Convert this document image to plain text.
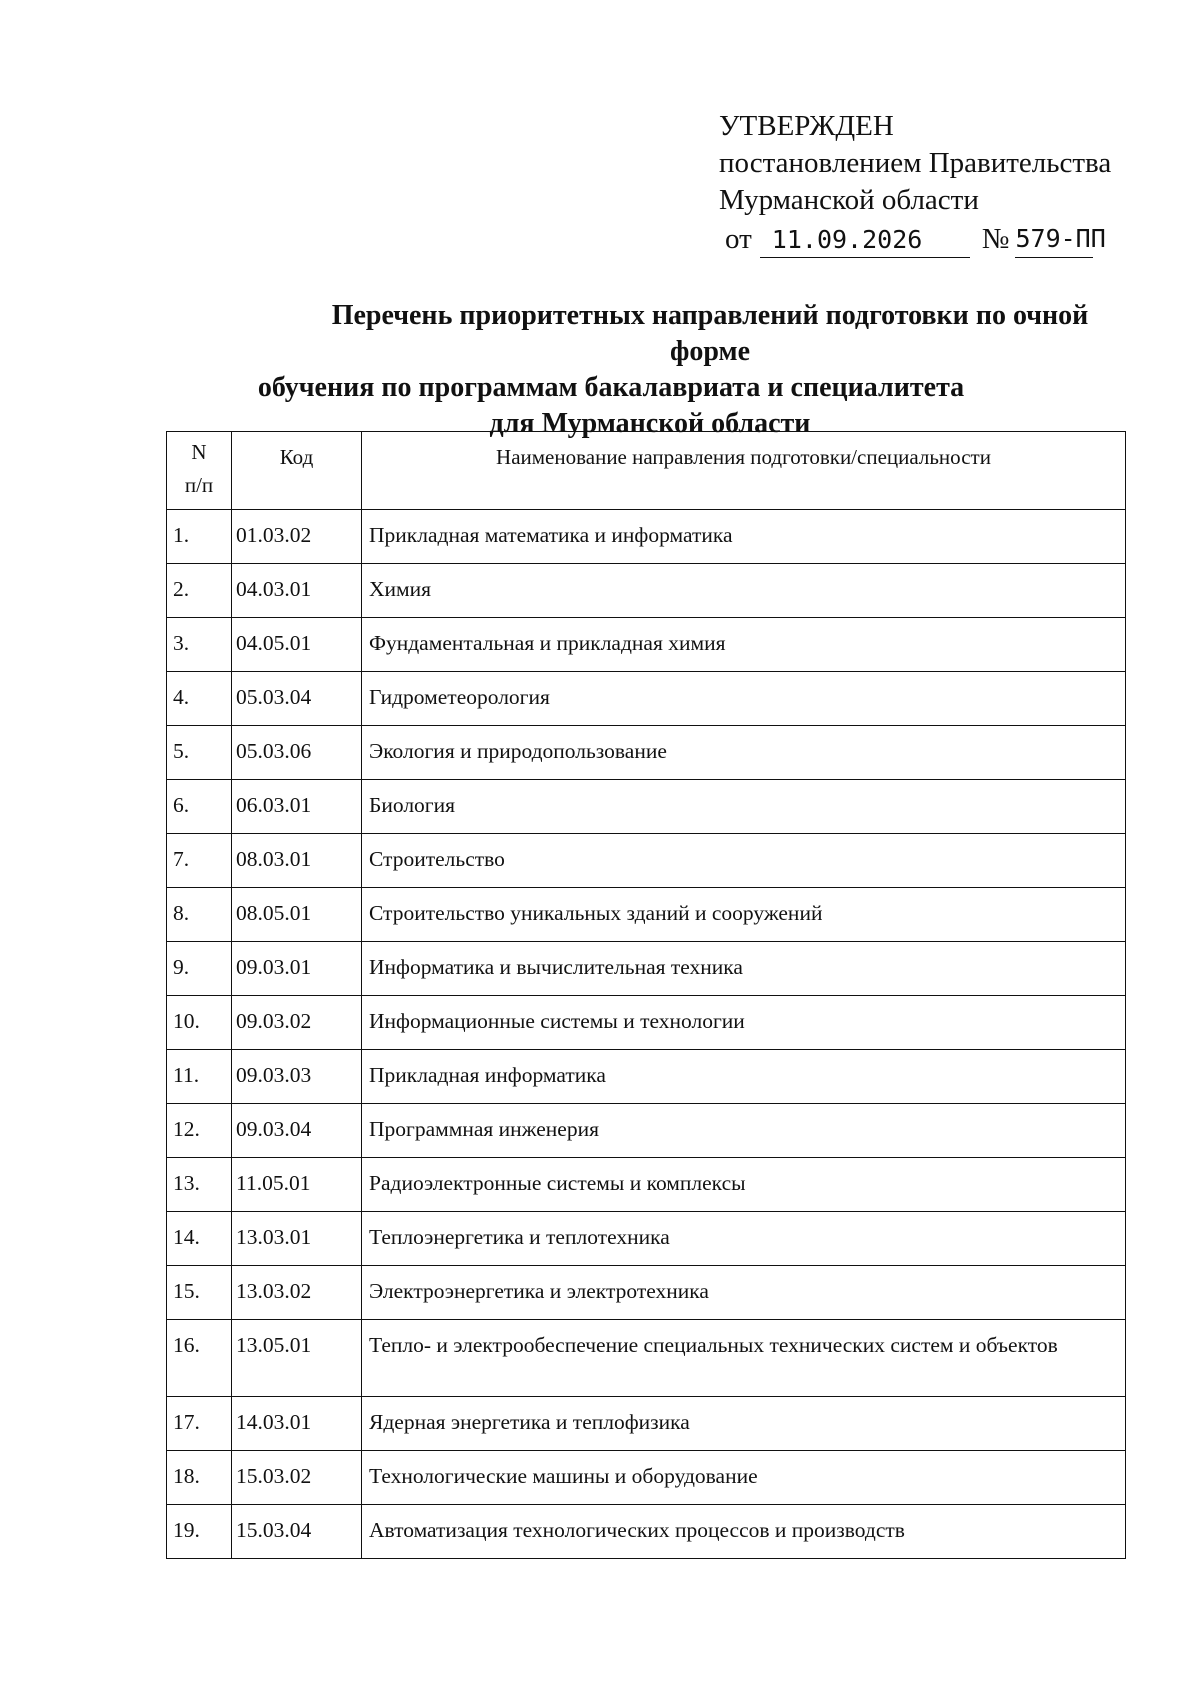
УТВЕРЖДЕН
постановлением Правительства
Мурманской области
от 11.09.2026	№ 579-ПП
Перечень приоритетных направлений подготовки по очной форме
обучения по программам бакалавриата и специалитета
для Мурманской области
N
п/п	Код	Наименование направления подготовки/специальности
1.	01.03.02	Прикладная математика и информатика
2.	04.03.01	Химия
3.	04.05.01	Фундаментальная и прикладная химия
4.	05.03.04	Гидрометеорология
5.	05.03.06	Экология и природопользование
6.	06.03.01	Биология
7.	08.03.01	Строительство
8.	08.05.01	Строительство уникальных зданий и сооружений
9.	09.03.01	Информатика и вычислительная техника
10.	09.03.02	Информационные системы и технологии
11.	09.03.03	Прикладная информатика
12.	09.03.04	Программная инженерия
13.	11.05.01	Радиоэлектронные системы и комплексы
14.	13.03.01	Теплоэнергетика и теплотехника
15.	13.03.02	Электроэнергетика и электротехника
16.	13.05.01	Тепло- и электрообеспечение специальных технических систем и объектов
17.	14.03.01	Ядерная энергетика и теплофизика
18.	15.03.02	Технологические машины и оборудование
19.	15.03.04	Автоматизация технологических процессов и производств
